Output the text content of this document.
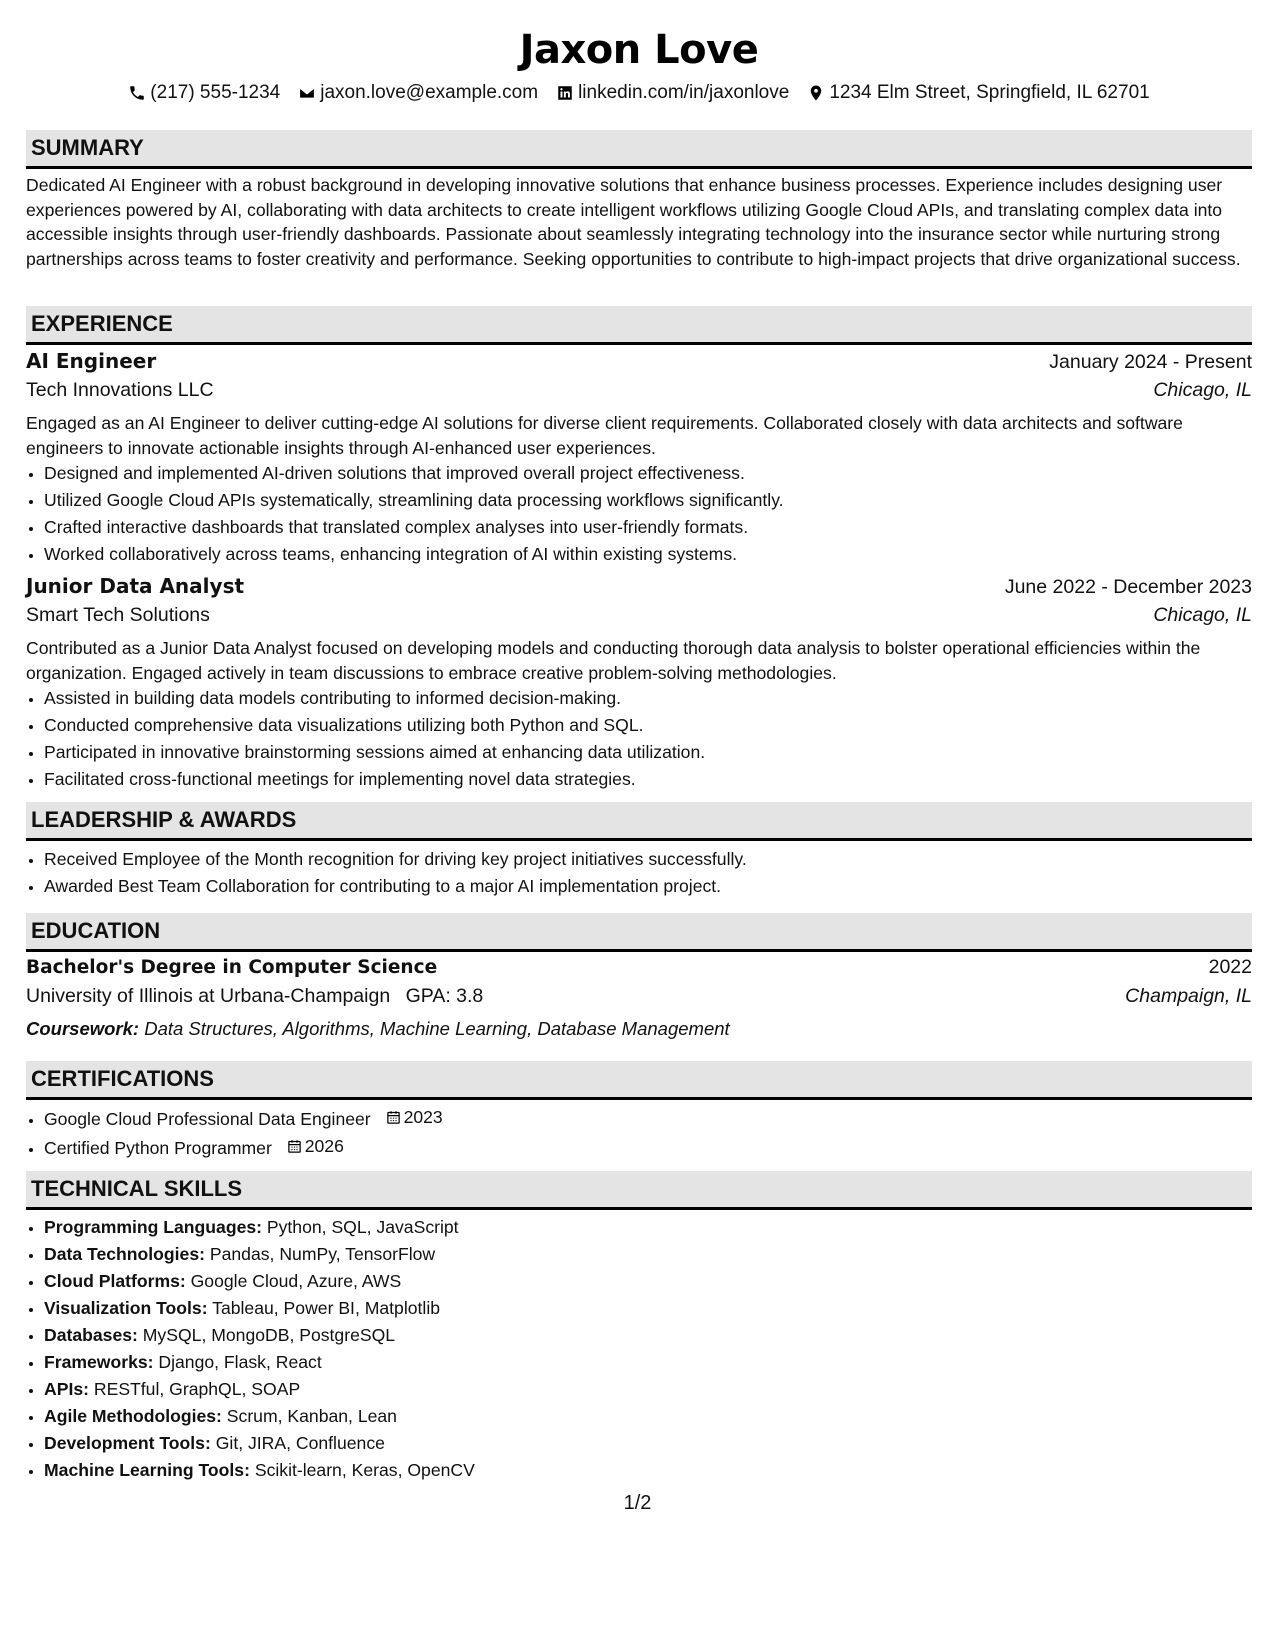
Jaxon Love
(217) 555-1234 jaxon.love@example.com linkedin.com/in/jaxonlove 1234 Elm Street, Springfield, IL 62701
SUMMARY
Dedicated AI Engineer with a robust background in developing innovative solutions that enhance business processes. Experience includes designing user experiences powered by AI, collaborating with data architects to create intelligent workflows utilizing Google Cloud APIs, and translating complex data into accessible insights through user-friendly dashboards. Passionate about seamlessly integrating technology into the insurance sector while nurturing strong partnerships across teams to foster creativity and performance. Seeking opportunities to contribute to high-impact projects that drive organizational success.
EXPERIENCE
AI Engineer	January 2024 - Present
Tech Innovations LLC	Chicago, IL
Engaged as an AI Engineer to deliver cutting-edge AI solutions for diverse client requirements. Collaborated closely with data architects and software engineers to innovate actionable insights through AI-enhanced user experiences.
• Designed and implemented AI-driven solutions that improved overall project effectiveness.
• Utilized Google Cloud APIs systematically, streamlining data processing workflows significantly.
• Crafted interactive dashboards that translated complex analyses into user-friendly formats.
• Worked collaboratively across teams, enhancing integration of AI within existing systems.
Junior Data Analyst	June 2022 - December 2023
Smart Tech Solutions	Chicago, IL
Contributed as a Junior Data Analyst focused on developing models and conducting thorough data analysis to bolster operational efficiencies within the organization. Engaged actively in team discussions to embrace creative problem-solving methodologies.
• Assisted in building data models contributing to informed decision-making.
• Conducted comprehensive data visualizations utilizing both Python and SQL.
• Participated in innovative brainstorming sessions aimed at enhancing data utilization.
• Facilitated cross-functional meetings for implementing novel data strategies.
LEADERSHIP & AWARDS
• Received Employee of the Month recognition for driving key project initiatives successfully.
• Awarded Best Team Collaboration for contributing to a major AI implementation project.
EDUCATION
Bachelor's Degree in Computer Science	2022
University of Illinois at Urbana-Champaign GPA: 3.8	Champaign, IL
Coursework: Data Structures, Algorithms, Machine Learning, Database Management
CERTIFICATIONS
• Google Cloud Professional Data Engineer 2023
• Certified Python Programmer 2026
TECHNICAL SKILLS
• Programming Languages: Python, SQL, JavaScript
• Data Technologies: Pandas, NumPy, TensorFlow
• Cloud Platforms: Google Cloud, Azure, AWS
• Visualization Tools: Tableau, Power BI, Matplotlib
• Databases: MySQL, MongoDB, PostgreSQL
• Frameworks: Django, Flask, React
• APIs: RESTful, GraphQL, SOAP
• Agile Methodologies: Scrum, Kanban, Lean
• Development Tools: Git, JIRA, Confluence
• Machine Learning Tools: Scikit-learn, Keras, OpenCV
1/2
